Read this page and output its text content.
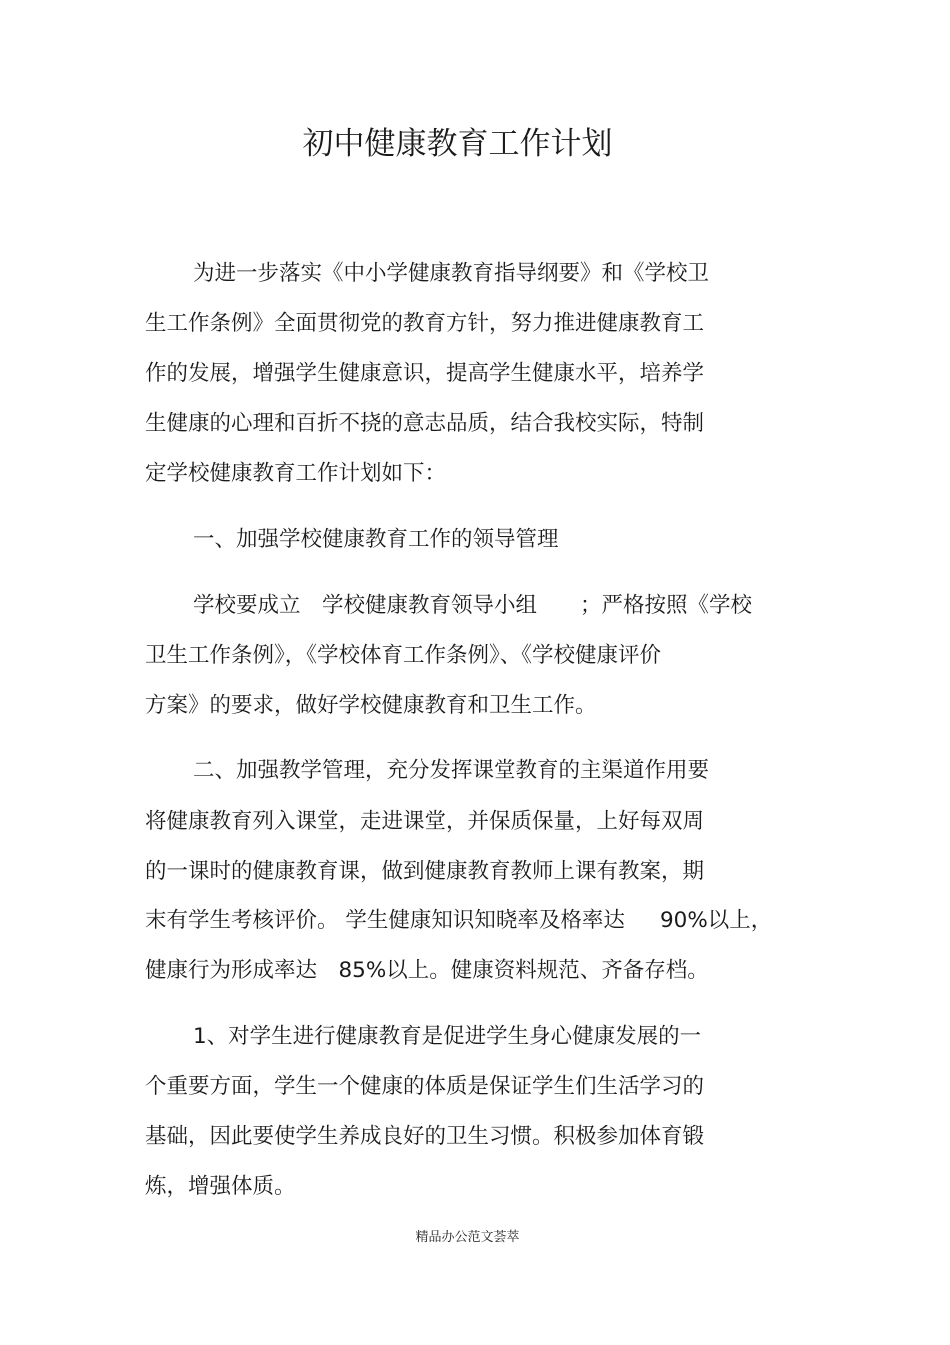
初中健康教育工作计划
为进一步落实《中小学健康教育指导纲要》和《学校卫
生工作条例》全面贯彻党的教育方针，努力推进健康教育工
作的发展，增强学生健康意识，提高学生健康水平，培养学
生健康的心理和百折不挠的意志品质，结合我校实际，特制
定学校健康教育工作计划如下：
一、加强学校健康教育工作的领导管理
学校要成立　学校健康教育领导小组　　；严格按照《学校
卫生工作条例》，《学校体育工作条例》、《学校健康评价
方案》的要求，做好学校健康教育和卫生工作。
二、加强教学管理，充分发挥课堂教育的主渠道作用要
将健康教育列入课堂，走进课堂，并保质保量，上好每双周
的一课时的健康教育课，做到健康教育教师上课有教案，期
末有学生考核评价。 学生健康知识知晓率及格率达 　 90%以上，
健康行为形成率达　85%以上。健康资料规范、齐备存档。
1、对学生进行健康教育是促进学生身心健康发展的一
个重要方面，学生一个健康的体质是保证学生们生活学习的
基础，因此要使学生养成良好的卫生习惯。积极参加体育锻
炼，增强体质。
精品办公范文荟萃
